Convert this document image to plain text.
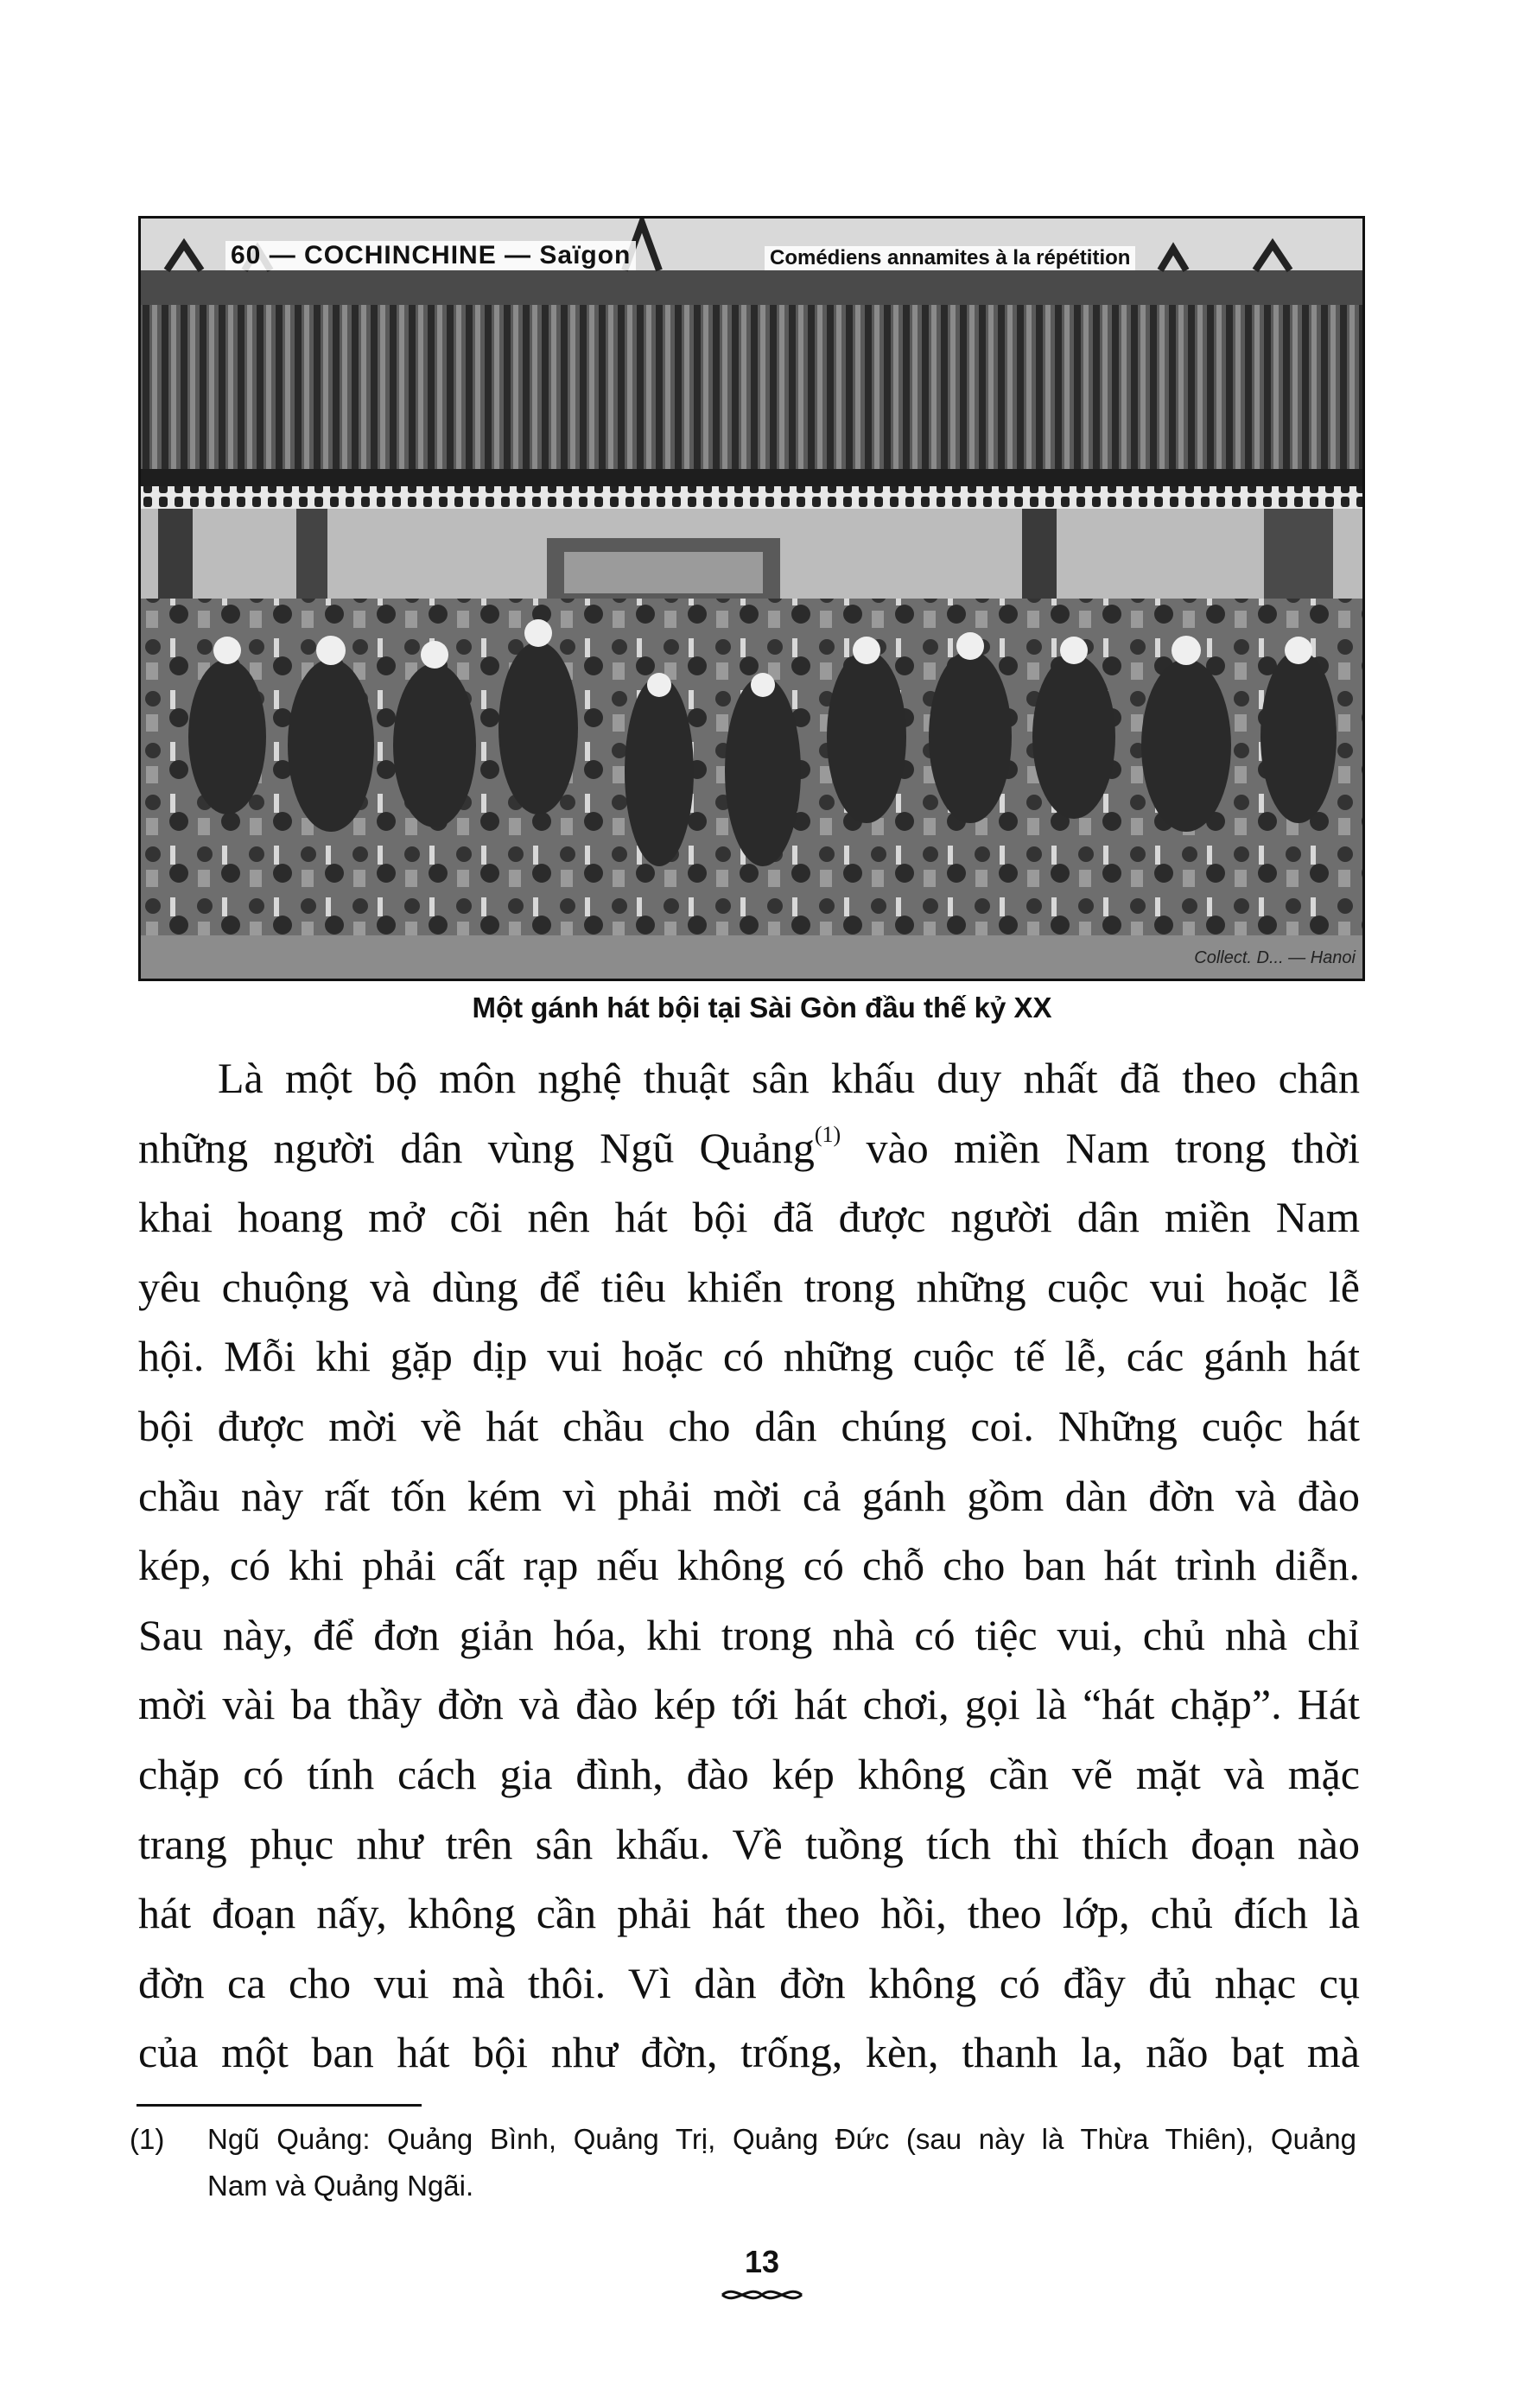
60 — COCHINCHINE — Saïgon	Comédiens annamites à la répétition
Collect. D... — Hanoi
Một gánh hát bội tại Sài Gòn đầu thế kỷ XX
Là một bộ môn nghệ thuật sân khấu duy nhất đã theo chân
những người dân vùng Ngũ Quảng$^{(1)}$ vào miền Nam trong thời
khai hoang mở cõi nên hát bội đã được người dân miền Nam
yêu chuộng và dùng để tiêu khiển trong những cuộc vui hoặc lễ
hội. Mỗi khi gặp dịp vui hoặc có những cuộc tế lễ, các gánh hát
bội được mời về hát chầu cho dân chúng coi. Những cuộc hát
chầu này rất tốn kém vì phải mời cả gánh gồm dàn đờn và đào
kép, có khi phải cất rạp nếu không có chỗ cho ban hát trình diễn.
Sau này, để đơn giản hóa, khi trong nhà có tiệc vui, chủ nhà chỉ
mời vài ba thầy đờn và đào kép tới hát chơi, gọi là “hát chặp”. Hát
chặp có tính cách gia đình, đào kép không cần vẽ mặt và mặc
trang phục như trên sân khấu. Về tuồng tích thì thích đoạn nào
hát đoạn nấy, không cần phải hát theo hồi, theo lớp, chủ đích là
đờn ca cho vui mà thôi. Vì dàn đờn không có đầy đủ nhạc cụ
của một ban hát bội như đờn, trống, kèn, thanh la, não bạt mà
(1) Ngũ Quảng: Quảng Bình, Quảng Trị, Quảng Đức (sau này là Thừa Thiên), Quảng
Nam và Quảng Ngãi.
13
